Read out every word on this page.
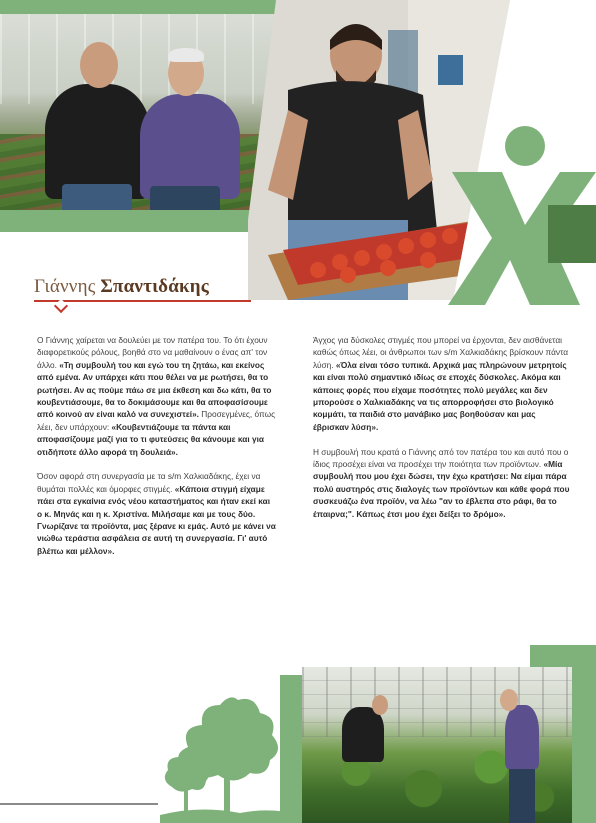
Γιάννης Σπαντιδάκης

Ο Γιάννης χαίρεται να δουλεύει με τον πατέρα του. Το ότι έχουν διαφορετικούς ρόλους, βοηθά στο να μαθαίνουν ο ένας απ' τον άλλο. «Τη συμβουλή του και εγώ του τη ζητάω, και εκείνος από εμένα. Αν υπάρχει κάτι που θέλει να με ρωτήσει, θα το ρωτήσει. Αν ας πούμε πάω σε μια έκθεση και δω κάτι, θα το κουβεντιάσουμε, θα το δοκιμάσουμε και θα αποφασίσουμε από κοινού αν είναι καλό να συνεχιστεί». Προσεγμένες, όπως λέει, δεν υπάρχουν: «Κουβεντιάζουμε τα πάντα και αποφασίζουμε μαζί για το τι φυτεύσεις θα κάνουμε και για οτιδήποτε άλλο αφορά τη δουλειά».

Όσον αφορά στη συνεργασία με τα s/m Χαλκιαδάκης, έχει να θυμάται πολλές και όμορφες στιγμές. «Κάποια στιγμή είχαμε πάει στα εγκαίνια ενός νέου καταστήματος και ήταν εκεί και ο κ. Μηνάς και η κ. Χριστίνα. Μιλήσαμε και με τους δύο. Γνωρίζανε τα προϊόντα, μας ξέρανε κι εμάς. Αυτό με κάνει να νιώθω τεράστια ασφάλεια σε αυτή τη συνεργασία. Γι' αυτό βλέπω και μέλλον».

Άγχος για δύσκολες στιγμές που μπορεί να έρχονται, δεν αισθάνεται καθώς όπως λέει, οι άνθρωποι των s/m Χαλκιαδάκης βρίσκουν πάντα λύση. «Όλα είναι τόσο τυπικά. Αρχικά μας πληρώνουν μετρητοίς και είναι πολύ σημαντικό ιδίως σε εποχές δύσκολες. Ακόμα και κάποιες φορές που είχαμε ποσότητες πολύ μεγάλες και δεν μπορούσε ο Χαλκιαδάκης να τις απορροφήσει στο βιολογικό κομμάτι, τα παιδιά στο μανάβικο μας βοηθούσαν και μας έβρισκαν λύση».

Η συμβουλή που κρατά ο Γιάννης από τον πατέρα του και αυτό που ο ίδιος προσέχει είναι να προσέχει την ποιότητα των προϊόντων. «Μία συμβουλή που μου έχει δώσει, την έχω κρατήσει: Να είμαι πάρα πολύ αυστηρός στις διαλογές των προϊόντων και κάθε φορά που συσκευάζω ένα προϊόν, να λέω "αν το έβλεπα στο ράφι, θα το έπαιρνα;". Κάπως έτσι μου έχει δείξει το δρόμο».
